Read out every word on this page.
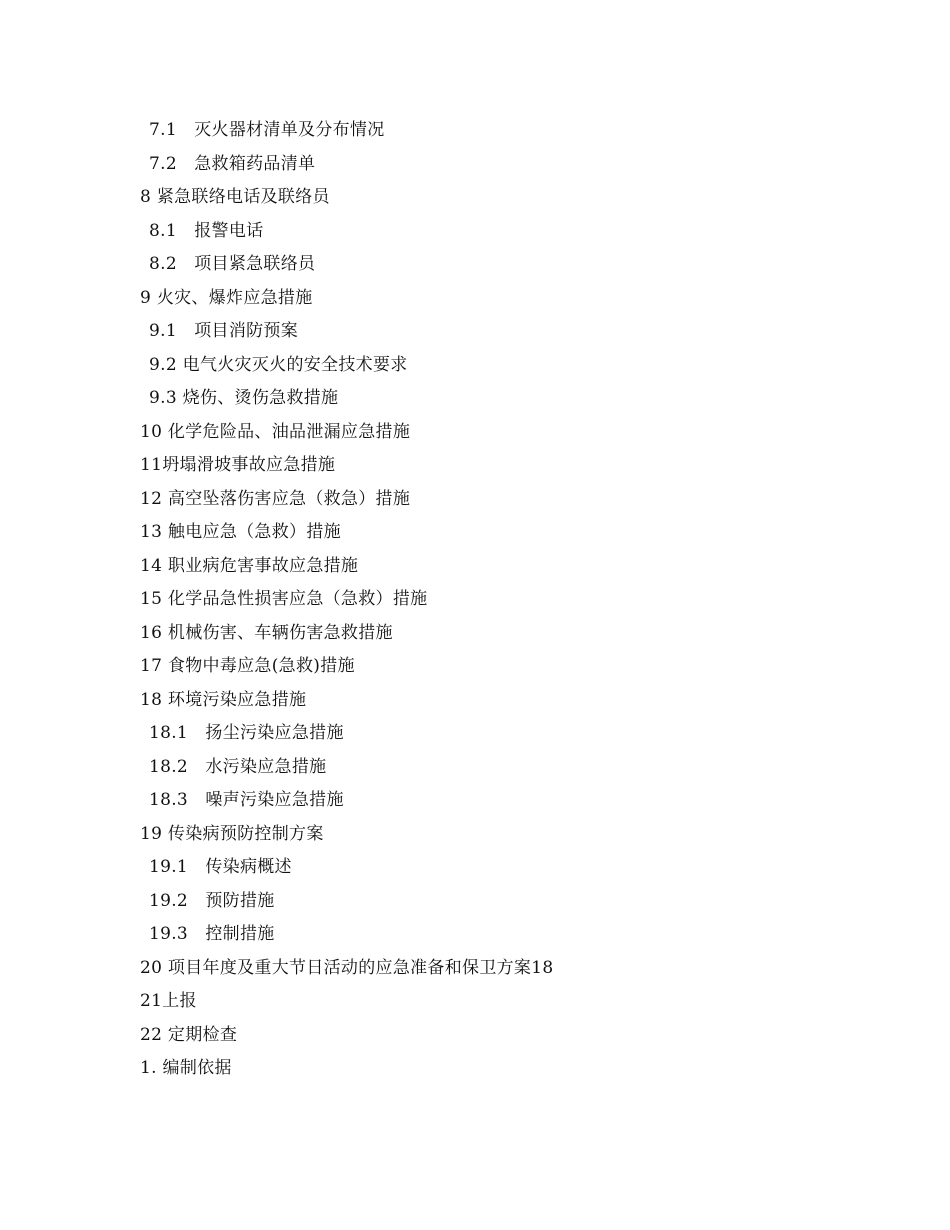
7.1　灭火器材清单及分布情况
7.2　急救箱药品清单
8 紧急联络电话及联络员
8.1　报警电话
8.2　项目紧急联络员
9 火灾、爆炸应急措施
9.1　项目消防预案
9.2 电气火灾灭火的安全技术要求
9.3 烧伤、烫伤急救措施
10 化学危险品、油品泄漏应急措施
11坍塌滑坡事故应急措施
12 高空坠落伤害应急（救急）措施
13 触电应急（急救）措施
14 职业病危害事故应急措施
15 化学品急性损害应急（急救）措施
16 机械伤害、车辆伤害急救措施
17 食物中毒应急(急救)措施
18 环境污染应急措施
18.1　扬尘污染应急措施
18.2　水污染应急措施
18.3　噪声污染应急措施
19 传染病预防控制方案
19.1　传染病概述
19.2　预防措施
19.3　控制措施
20 项目年度及重大节日活动的应急准备和保卫方案18
21上报
22 定期检查
1. 编制依据
